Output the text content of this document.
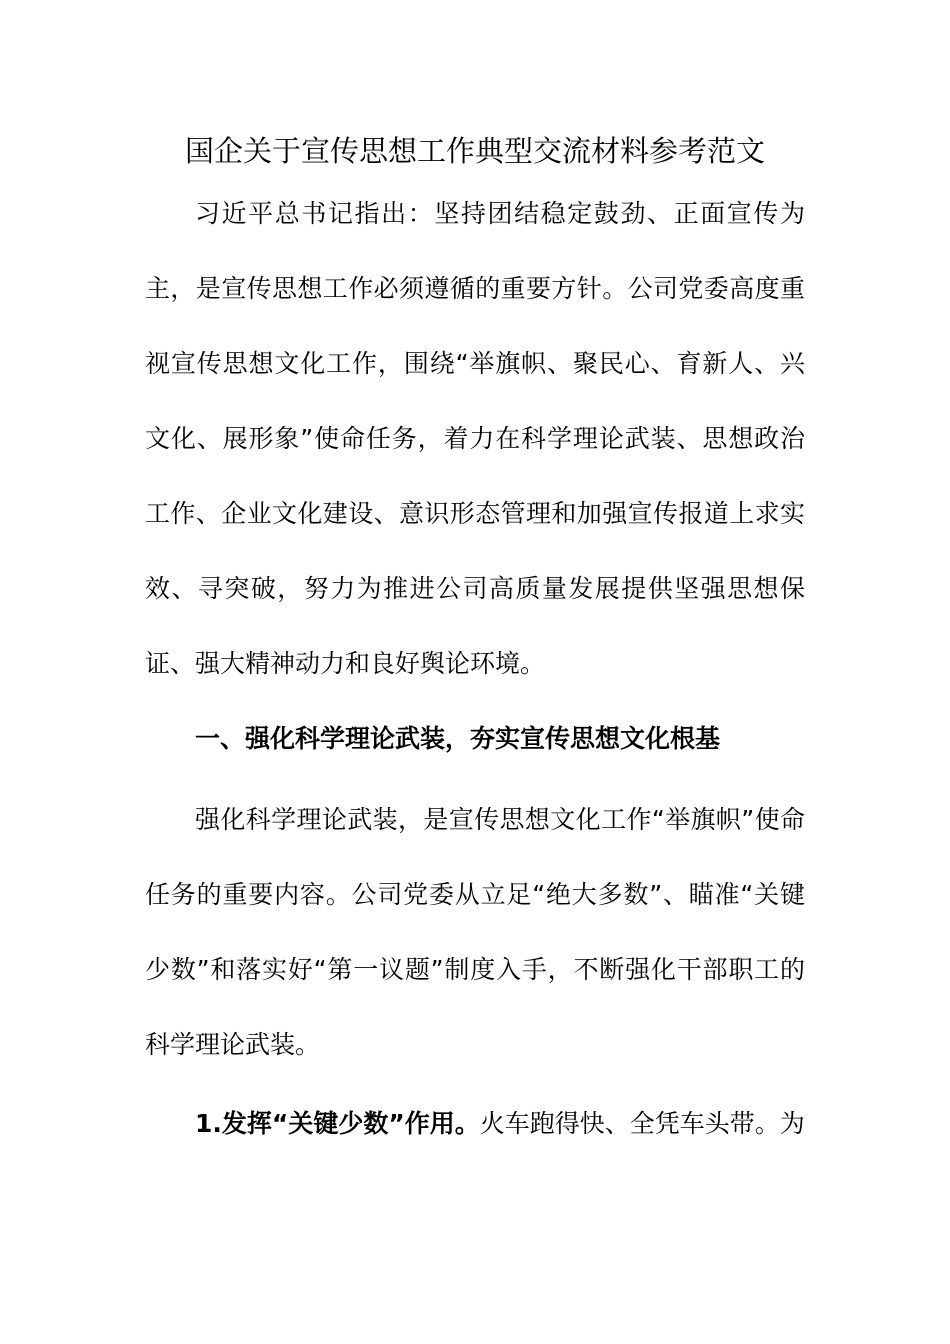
国企关于宣传思想工作典型交流材料参考范文
习近平总书记指出：坚持团结稳定鼓劲、正面宣传为主，是宣传思想工作必须遵循的重要方针。公司党委高度重视宣传思想文化工作，围绕“举旗帜、聚民心、育新人、兴文化、展形象”使命任务，着力在科学理论武装、思想政治工作、企业文化建设、意识形态管理和加强宣传报道上求实效、寻突破，努力为推进公司高质量发展提供坚强思想保证、强大精神动力和良好舆论环境。
一、强化科学理论武装，夯实宣传思想文化根基
强化科学理论武装，是宣传思想文化工作“举旗帜”使命任务的重要内容。公司党委从立足“绝大多数”、瞄准“关键少数”和落实好“第一议题”制度入手，不断强化干部职工的科学理论武装。
1.发挥“关键少数”作用。火车跑得快、全凭车头带。为
